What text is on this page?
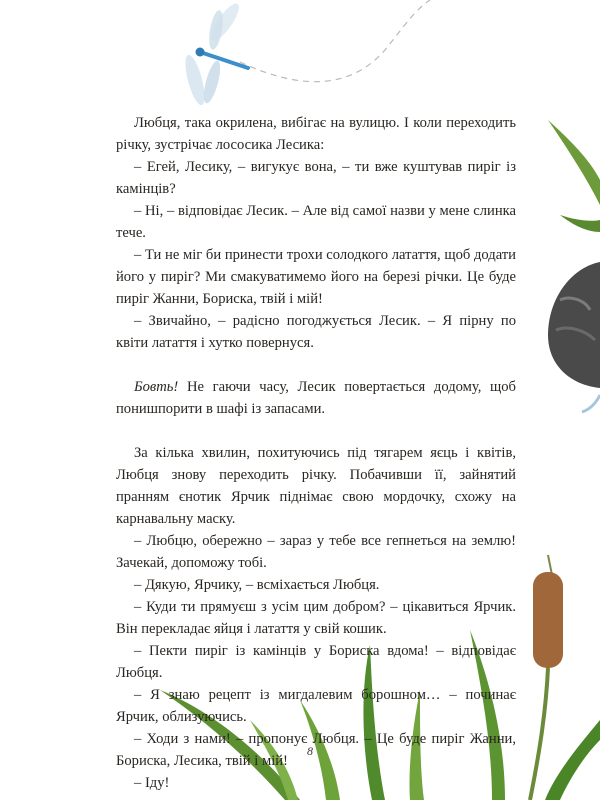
Любця, така окрилена, вибігає на вулицю. І коли переходить річку, зустрічає лососика Лесика:

– Егей, Лесику, – вигукує вона, – ти вже куштував пиріг із камінців?

– Ні, – відповідає Лесик. – Але від самої назви у мене слинка тече.

– Ти не міг би принести трохи солодкого латаття, щоб додати його у пиріг? Ми смакуватимемо його на березі річки. Це буде пиріг Жанни, Бориска, твій і мій!

– Звичайно, – радісно погоджується Лесик. – Я пірну по квіти латаття і хутко повернуся.

Бовть! Не гаючи часу, Лесик повертається додому, щоб понишпорити в шафі із запасами.

За кілька хвилин, похитуючись під тягарем яєць і квітів, Любця знову переходить річку. Побачивши її, зайнятий пранням єнотик Ярчик піднімає свою мордочку, схожу на карнавальну маску.

– Любцю, обережно – зараз у тебе все гепнеться на землю! Зачекай, допоможу тобі.

– Дякую, Ярчику, – всміхається Любця.

– Куди ти прямуєш з усім цим добром? – цікавиться Ярчик. Він перекладає яйця і латаття у свій кошик.

– Пекти пиріг із камінців у Бориска вдома! – відповідає Любця.

– Я знаю рецепт із мигдалевим борошном… – починає Ярчик, облизуючись.

– Ходи з нами! – пропонує Любця. – Це буде пиріг Жанни, Бориска, Лесика, твій і мій!

– Іду!

8
